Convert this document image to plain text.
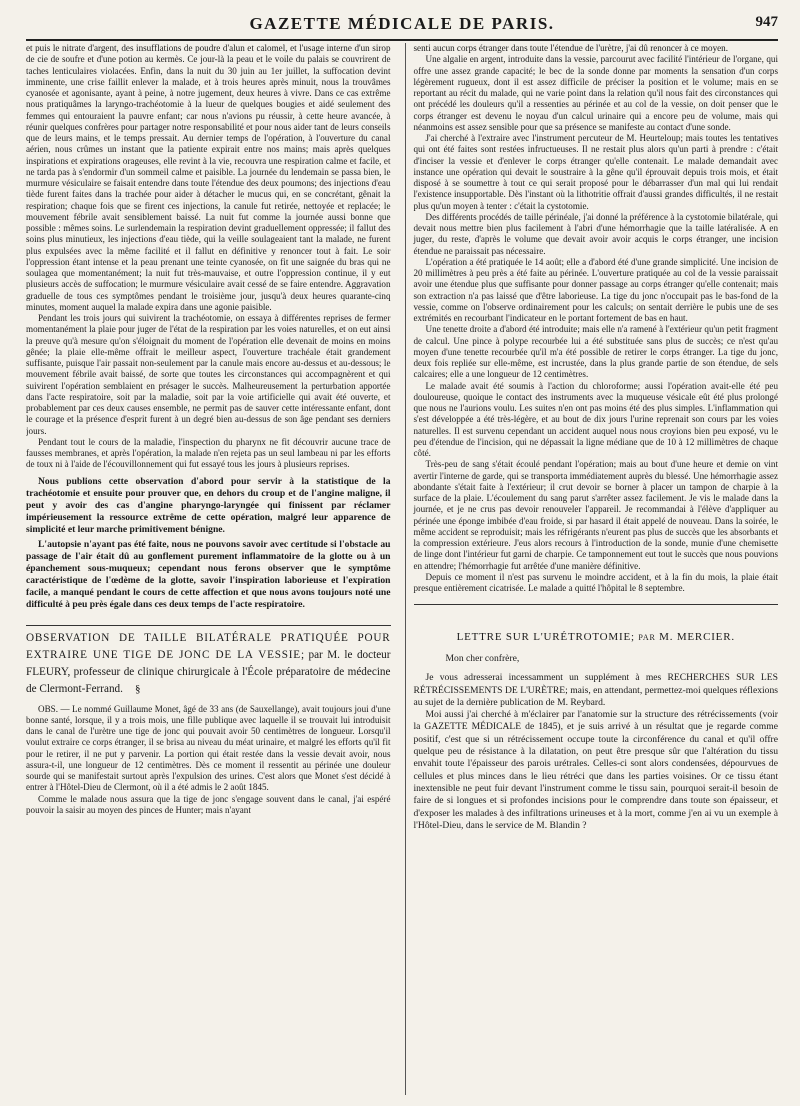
GAZETTE MÉDICALE DE PARIS.	947

et puis le nitrate d'argent, des insufflations de poudre d'alun et calomel, et l'usage interne d'un sirop de cie de soufre et d'une potion au kermès. Ce jour-là la peau et le voile du palais se couvrirent de taches lenticulaires violacées. Enfin, dans la nuit du 30 juin au 1er juillet, la suffocation devint imminente, une crise faillit enlever la malade, et à trois heures après minuit, nous la trouvâmes cyanosée et agonisante, ayant à peine, à notre jugement, deux heures à vivre. Dans ce cas extrême nous pratiquâmes la laryngo-trachéotomie à la lueur de quelques bougies et aidé seulement des femmes qui entouraient la pauvre enfant; car nous n'avions pu réussir, à cette heure avancée, à réunir quelques confrères pour partager notre responsabilité et pour nous aider tant de leurs conseils que de leurs mains, et le temps pressait. Au dernier temps de l'opération, à l'ouverture du canal aérien, nous crûmes un instant que la patiente expirait entre nos mains; mais après quelques inspirations et expirations orageuses, elle revint à la vie, recouvra une respiration calme et facile, et ne tarda pas à s'endormir d'un sommeil calme et paisible. La journée du lendemain se passa bien, le murmure vésiculaire se faisait entendre dans toute l'étendue des deux poumons; des injections d'eau tiède furent faites dans la trachée pour aider à détacher le mucus qui, en se concrétant, gênait la respiration; chaque fois que se firent ces injections, la canule fut retirée, nettoyée et replacée; le mouvement fébrile avait sensiblement baissé. La nuit fut comme la journée aussi bonne que possible : mêmes soins. Le surlendemain la respiration devint graduellement oppressée; il fallut des soins plus minutieux, les injections d'eau tiède, qui la veille soulageaient tant la malade, ne furent plus expulsées avec la même facilité et il fallut en définitive y renoncer tout à fait. Le soir l'oppression étant intense et la peau prenant une teinte cyanosée, on fit une saignée du bras qui ne soulagea que momentanément; la nuit fut très-mauvaise, et outre l'oppression continue, il y eut plusieurs accès de suffocation; le murmure vésiculaire avait cessé de se faire entendre. Aggravation graduelle de tous ces symptômes pendant le troisième jour, jusqu'à deux heures quarante-cinq minutes, moment auquel la malade expira dans une agonie paisible.

Pendant les trois jours qui suivirent la trachéotomie, on essaya à différentes reprises de fermer momentanément la plaie pour juger de l'état de la respiration par les voies naturelles, et on eut ainsi la preuve qu'à mesure qu'on s'éloignait du moment de l'opération elle devenait de moins en moins gênée; la plaie elle-même offrait le meilleur aspect, l'ouverture trachéale était grandement suffisante, puisque l'air passait non-seulement par la canule mais encore au-dessus et au-dessous; le mouvement fébrile avait baissé, de sorte que toutes les circonstances qui accompagnèrent et qui suivirent l'opération semblaient en présager le succès. Malheureusement la perturbation apportée dans l'acte respiratoire, soit par la maladie, soit par la voie artificielle qui avait été ouverte, et probablement par ces deux causes ensemble, ne permit pas de sauver cette intéressante enfant, dont le courage et la présence d'esprit furent à un degré bien au-dessus de son âge pendant ses derniers jours.

Pendant tout le cours de la maladie, l'inspection du pharynx ne fit découvrir aucune trace de fausses membranes, et après l'opération, la malade n'en rejeta pas un seul lambeau ni par les efforts de toux ni à l'aide de l'écouvillonnement qui fut essayé tous les jours à plusieurs reprises.

Nous publions cette observation d'abord pour servir à la statistique de la trachéotomie et ensuite pour prouver que, en dehors du croup et de l'angine maligne, il peut y avoir des cas d'angine pharyngo-laryngée qui finissent par réclamer impérieusement la ressource extrême de cette opération, malgré leur apparence de simplicité et leur marche primitivement bénigne.

L'autopsie n'ayant pas été faite, nous ne pouvons savoir avec certitude si l'obstacle au passage de l'air était dû au gonflement purement inflammatoire de la glotte ou à un épanchement sous-muqueux; cependant nous ferons observer que le symptôme caractéristique de l'œdème de la glotte, savoir l'inspiration laborieuse et l'expiration facile, a manqué pendant le cours de cette affection et que nous avons toujours noté une difficulté à peu près égale dans ces deux temps de l'acte respiratoire.

OBSERVATION DE TAILLE BILATÉRALE PRATIQUÉE POUR EXTRAIRE UNE TIGE DE JONC DE LA VESSIE; par M. le docteur FLEURY, professeur de clinique chirurgicale à l'École préparatoire de médecine de Clermont-Ferrand. §

OBS. — Le nommé Guillaume Monet, âgé de 33 ans (de Sauxellange), avait toujours joui d'une bonne santé, lorsque, il y a trois mois, une fille publique avec laquelle il se trouvait lui introduisit dans le canal de l'urètre une tige de jonc qui pouvait avoir 50 centimètres de longueur. Lorsqu'il voulut extraire ce corps étranger, il se brisa au niveau du méat urinaire, et malgré les efforts qu'il fit pour le retirer, il ne put y parvenir. La portion qui était restée dans la vessie devait avoir, nous assura-t-il, une longueur de 12 centimètres. Dès ce moment il ressentit au périnée une douleur sourde qui se manifestait surtout après l'expulsion des urines. C'est alors que Monet s'est décidé à entrer à l'Hôtel-Dieu de Clermont, où il a été admis le 2 août 1845.

Comme le malade nous assura que la tige de jonc s'engage souvent dans le canal, j'ai espéré pouvoir la saisir au moyen des pinces de Hunter; mais n'ayant

senti aucun corps étranger dans toute l'étendue de l'urètre, j'ai dû renoncer à ce moyen.

Une algalie en argent, introduite dans la vessie, parcourut avec facilité l'intérieur de l'organe, qui offre une assez grande capacité; le bec de la sonde donne par moments la sensation d'un corps légèrement rugueux, dont il est assez difficile de préciser la position et le volume; mais en se reportant au récit du malade, qui ne varie point dans la relation qu'il nous fait des circonstances qui ont précédé les douleurs qu'il a ressenties au périnée et au col de la vessie, on doit penser que le corps étranger est devenu le noyau d'un calcul urinaire qui a encore peu de volume, mais qui néanmoins est assez sensible pour que sa présence se manifeste au contact d'une sonde.

J'ai cherché à l'extraire avec l'instrument percuteur de M. Heurteloup; mais toutes les tentatives qui ont été faites sont restées infructueuses. Il ne restait plus alors qu'un parti à prendre : c'était d'inciser la vessie et d'enlever le corps étranger qu'elle contenait. Le malade demandait avec instance une opération qui devait le soustraire à la gêne qu'il éprouvait depuis trois mois, et était disposé à se soumettre à tout ce qui serait proposé pour le débarrasser d'un mal qui lui rendait l'existence insupportable. Dès l'instant où la lithotritie offrait d'aussi grandes difficultés, il ne restait plus qu'un moyen à tenter : c'était la cystotomie.

Des différents procédés de taille périnéale, j'ai donné la préférence à la cystotomie bilatérale, qui devait nous mettre bien plus facilement à l'abri d'une hémorrhagie que la taille latéralisée. A en juger, du reste, d'après le volume que devait avoir avoir acquis le corps étranger, une incision étendue ne paraissait pas nécessaire.

L'opération a été pratiquée le 14 août; elle a d'abord été d'une grande simplicité. Une incision de 20 millimètres à peu près a été faite au périnée. L'ouverture pratiquée au col de la vessie paraissait avoir une étendue plus que suffisante pour donner passage au corps étranger qu'elle contenait; mais son extraction n'a pas laissé que d'être laborieuse. La tige du jonc n'occupait pas le bas-fond de la vessie, comme on l'observe ordinairement pour les calculs; on sentait derrière le pubis une de ses extrémités en recourbant l'indicateur en le portant fortement de bas en haut.

Une tenette droite a d'abord été introduite; mais elle n'a ramené à l'extérieur qu'un petit fragment de calcul. Une pince à polype recourbée lui a été substituée sans plus de succès; ce n'est qu'au moyen d'une tenette recourbée qu'il m'a été possible de retirer le corps étranger. La tige du jonc, deux fois repliée sur elle-même, est incrustée, dans la plus grande partie de son étendue, de sels calcaires; elle a une longueur de 12 centimètres.

Le malade avait été soumis à l'action du chloroforme; aussi l'opération avait-elle été peu douloureuse, quoique le contact des instruments avec la muqueuse vésicale eût été plus prolongé que nous ne l'aurions voulu. Les suites n'en ont pas moins été des plus simples. L'inflammation qui s'est développée a été très-légère, et au bout de dix jours l'urine reprenait son cours par les voies naturelles. Il est survenu cependant un accident auquel nous nous croyions bien peu exposé, vu le peu d'étendue de l'incision, qui ne dépassait la ligne médiane que de 10 à 12 millimètres de chaque côté.

Très-peu de sang s'était écoulé pendant l'opération; mais au bout d'une heure et demie on vint avertir l'interne de garde, qui se transporta immédiatement auprès du blessé. Une hémorrhagie assez abondante s'était faite à l'extérieur; il crut devoir se borner à placer un tampon de charpie à la surface de la plaie. L'écoulement du sang parut s'arrêter assez facilement. Je vis le malade dans la journée, et je ne crus pas devoir renouveler l'appareil. Je recommandai à l'élève d'appliquer au périnée une éponge imbibée d'eau froide, si par hasard il était appelé de nouveau. Dans la soirée, le même accident se reproduisit; mais les réfrigérants n'eurent pas plus de succès que les absorbants et la compression extérieure. J'eus alors recours à l'introduction de la sonde, munie d'une chemisette de linge dont l'intérieur fut garni de charpie. Ce tamponnement eut tout le succès que nous pouvions en attendre; l'hémorrhagie fut arrêtée d'une manière définitive.

Depuis ce moment il n'est pas survenu le moindre accident, et à la fin du mois, la plaie était presque entièrement cicatrisée. Le malade a quitté l'hôpital le 8 septembre.

LETTRE SUR L'URÉTROTOMIE; par M. MERCIER.
Mon cher confrère,

Je vous adresserai incessamment un supplément à mes RECHERCHES SUR LES RÉTRÉCISSEMENTS DE L'URÈTRE; mais, en attendant, permettez-moi quelques réflexions au sujet de la dernière publication de M. Reybard.

Moi aussi j'ai cherché à m'éclairer par l'anatomie sur la structure des rétrécissements (voir la GAZETTE MÉDICALE de 1845), et je suis arrivé à un résultat que je regarde comme positif, c'est que si un rétrécissement occupe toute la circonférence du canal et qu'il offre quelque peu de résistance à la dilatation, on peut être presque sûr que l'altération du tissu envahit toute l'épaisseur des parois urétrales. Celles-ci sont alors condensées, dépourvues de cellules et plus minces dans le lieu rétréci que dans les parties voisines. Or ce tissu étant inextensible ne peut fuir devant l'instrument comme le tissu sain, pourquoi serait-il besoin de faire de si longues et si profondes incisions pour le comprendre dans toute son épaisseur, et d'exposer les malades à des infiltrations urineuses et à la mort, comme j'en ai vu un exemple à l'Hôtel-Dieu, dans le service de M. Blandin ?
